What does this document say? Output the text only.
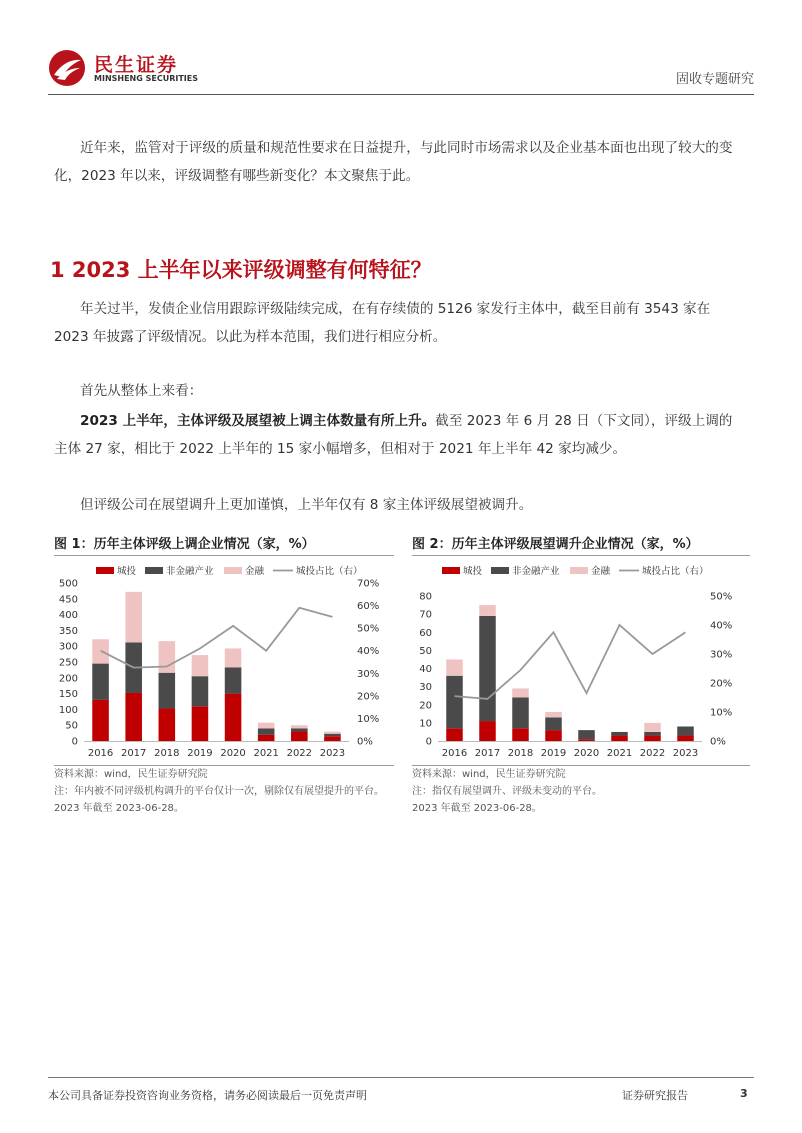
民生证券
MINSHENG SECURITIES	固收专题研究
近年来，监管对于评级的质量和规范性要求在日益提升，与此同时市场需求以及企业基本面也出现了较大的变化，2023 年以来，评级调整有哪些新变化？本文聚焦于此。
1 2023 上半年以来评级调整有何特征？
年关过半，发债企业信用跟踪评级陆续完成，在有存续债的 5126 家发行主体中，截至目前有 3543 家在 2023 年披露了评级情况。以此为样本范围，我们进行相应分析。
首先从整体上来看：
2023 上半年，主体评级及展望被上调主体数量有所上升。截至 2023 年 6 月 28 日（下文同），评级上调的主体 27 家，相比于 2022 上半年的 15 家小幅增多，但相对于 2021 年上半年 42 家均减少。
但评级公司在展望调升上更加谨慎，上半年仅有 8 家主体评级展望被调升。
图 1：历年主体评级上调企业情况（家，%）
城投	非金融产业	金融	城投占比（右）
0
50
100
150
200
250
300
350
400
450
500
0%
10%
20%
30%
40%
50%
60%
70%
2016 2017 2018 2019 2020 2021 2022 2023
资料来源：wind，民生证券研究院
注：年内被不同评级机构调升的平台仅计一次，剔除仅有展望提升的平台。
2023 年截至 2023-06-28。
图 2：历年主体评级展望调升企业情况（家，%）
城投	非金融产业	金融	城投占比（右）
0
10
20
30
40
50
60
70
80
0%
10%
20%
30%
40%
50%
2016 2017 2018 2019 2020 2021 2022 2023
资料来源：wind，民生证券研究院
注：指仅有展望调升、评级未变动的平台。
2023 年截至 2023-06-28。
本公司具备证券投资咨询业务资格，请务必阅读最后一页免责声明	证券研究报告	3
